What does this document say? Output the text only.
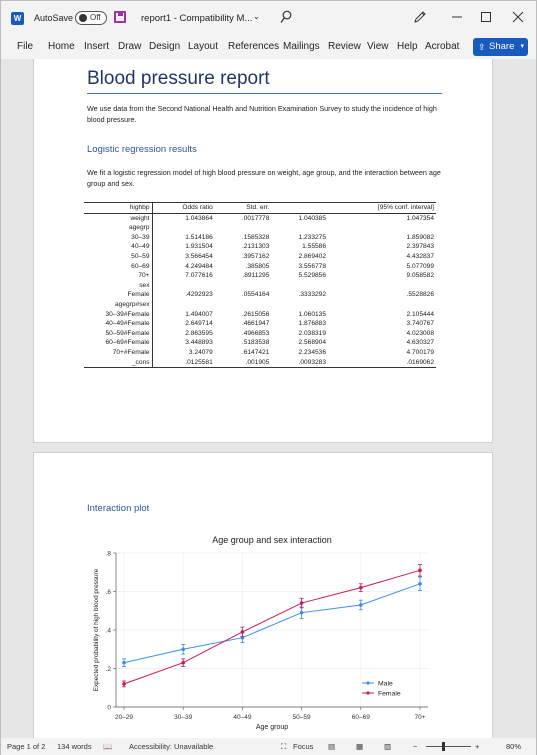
W	AutoSave Off	report1 - Compatibility M... ⌄
File Home Insert Draw Design Layout References Mailings Review View Help Acrobat ⇪ Share ▾
Blood pressure report
We use data from the Second National Health and Nutrition Examination Survey to study the incidence of high blood pressure.
Logistic regression results
We fit a logistic regression model of high blood pressure on weight, age group, and the interaction between age group and sex.
highbp	Odds ratio	Std. err.		[95% conf. interval]
weight	1.043864	.0017778	1.040385	1.047354
agegrp				
30–39	1.514186	.1585328	1.233275	1.859082
40–49	1.931504	.2131303	1.55586	2.397843
50–59	3.566454	.3957162	2.869402	4.432837
60–69	4.249484	.385805	3.556778	5.077099
70+	7.077616	.8911295	5.529856	9.058582
sex				
Female	.4292923	.0554164	.3333292	.5528826
agegrp#sex				
30–39#Female	1.494007	.2615056	1.060135	2.105444
40–49#Female	2.649714	.4661947	1.876883	3.740767
50–59#Female	2.863595	.4966853	2.038319	4.023008
60–69#Female	3.448893	.5183538	2.568904	4.630327
70+#Female	3.24079	.6147421	2.234536	4.700179
_cons	.0125581	.001905	.0093283	.0169062
Interaction plot
Age group and sex interaction
0
.2
.4
.6
.8
20–29	30–39	40–49	50–59	60–69	70+
Age group
Expected probability of high blood pressure	Male
Female
Page 1 of 2 134 words 📖 Accessibility: Unavailable	⛶ Focus ▤	▦	▥	−	+	80%
